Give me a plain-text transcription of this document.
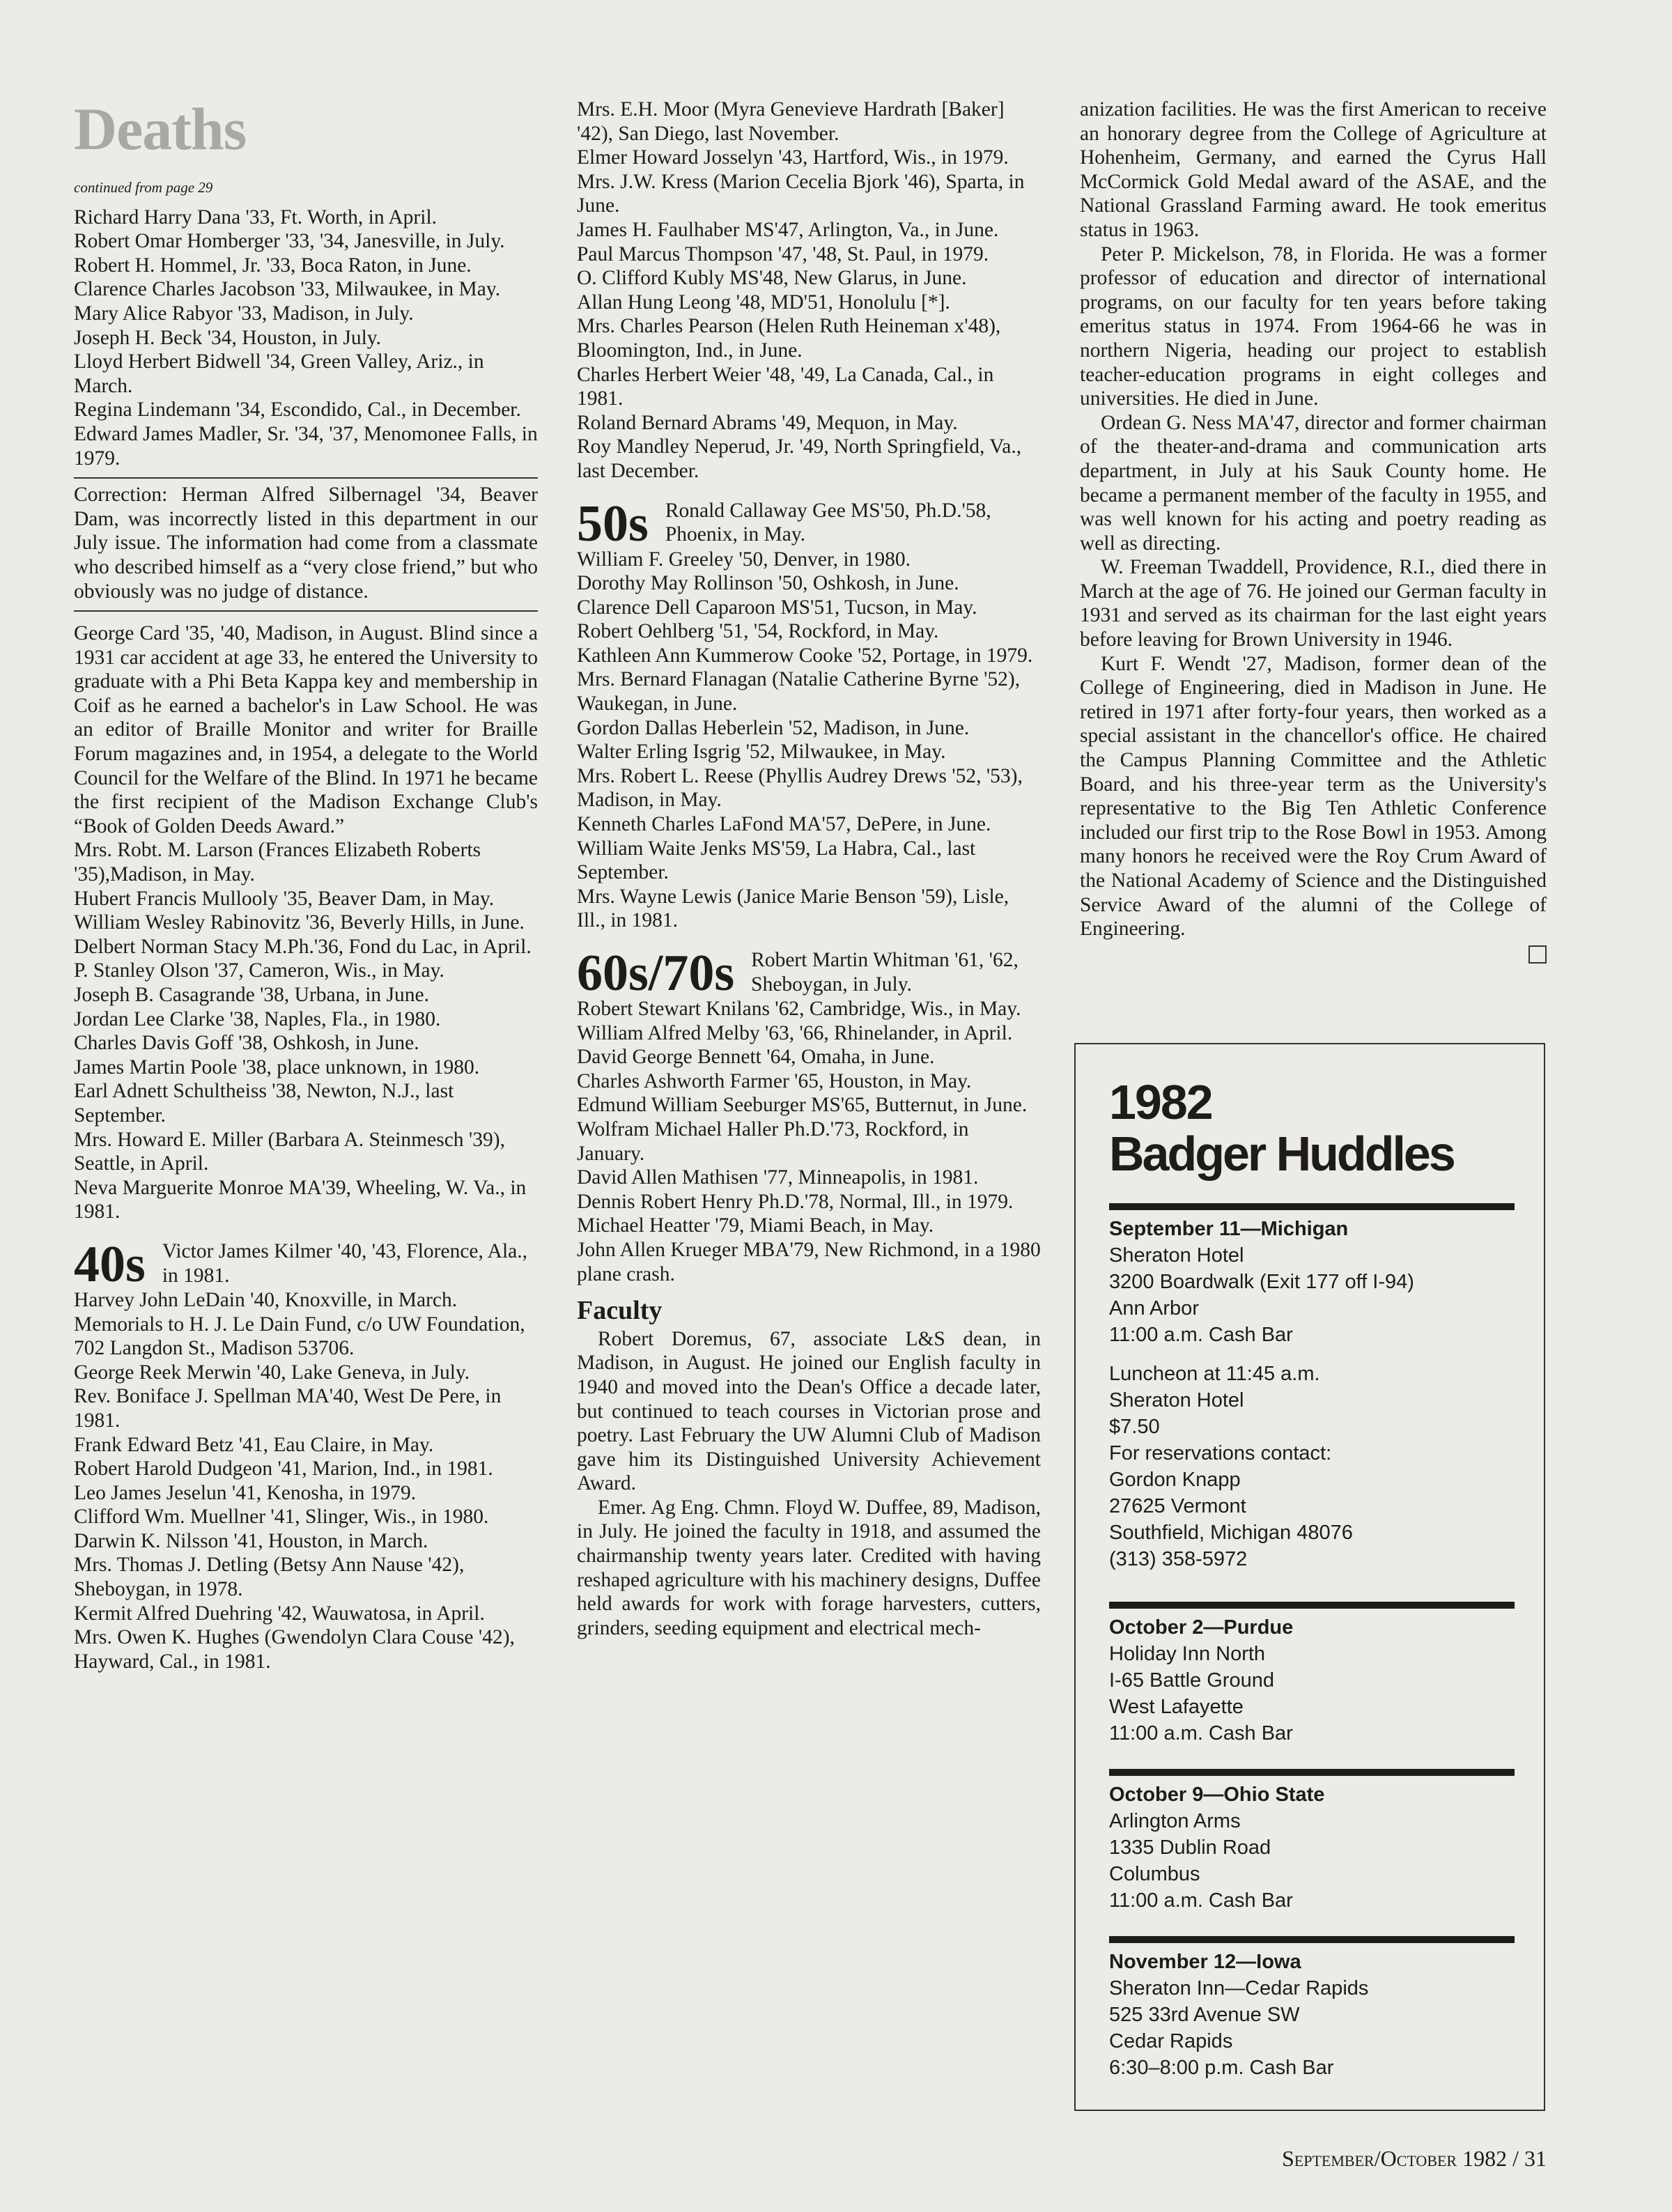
Deaths

continued from page 29

Richard Harry Dana '33, Ft. Worth, in April.

Robert Omar Homberger '33, '34, Janesville, in July.

Robert H. Hommel, Jr. '33, Boca Raton, in June.

Clarence Charles Jacobson '33, Milwaukee, in May.

Mary Alice Rabyor '33, Madison, in July.

Joseph H. Beck '34, Houston, in July.

Lloyd Herbert Bidwell '34, Green Valley, Ariz., in March.

Regina Lindemann '34, Escondido, Cal., in December.

Edward James Madler, Sr. '34, '37, Menomonee Falls, in 1979.

Correction: Herman Alfred Silbernagel '34, Beaver Dam, was incorrectly listed in this department in our July issue. The information had come from a classmate who described himself as a “very close friend,” but who obviously was no judge of distance.

George Card '35, '40, Madison, in August. Blind since a 1931 car accident at age 33, he entered the University to graduate with a Phi Beta Kappa key and membership in Coif as he earned a bachelor's in Law School. He was an editor of Braille Monitor and writer for Braille Forum magazines and, in 1954, a delegate to the World Council for the Welfare of the Blind. In 1971 he became the first recipient of the Madison Exchange Club's “Book of Golden Deeds Award.”

Mrs. Robt. M. Larson (Frances Elizabeth Roberts '35),Madison, in May.

Hubert Francis Mullooly '35, Beaver Dam, in May.

William Wesley Rabinovitz '36, Beverly Hills, in June.

Delbert Norman Stacy M.Ph.'36, Fond du Lac, in April.

P. Stanley Olson '37, Cameron, Wis., in May.

Joseph B. Casagrande '38, Urbana, in June.

Jordan Lee Clarke '38, Naples, Fla., in 1980.

Charles Davis Goff '38, Oshkosh, in June.

James Martin Poole '38, place unknown, in 1980.

Earl Adnett Schultheiss '38, Newton, N.J., last September.

Mrs. Howard E. Miller (Barbara A. Steinmesch '39), Seattle, in April.

Neva Marguerite Monroe MA'39, Wheeling, W. Va., in 1981.

40s Victor James Kilmer '40, '43, Florence, Ala., in 1981.

Harvey John LeDain '40, Knoxville, in March. Memorials to H. J. Le Dain Fund, c/o UW Foundation, 702 Langdon St., Madison 53706.

George Reek Merwin '40, Lake Geneva, in July.

Rev. Boniface J. Spellman MA'40, West De Pere, in 1981.

Frank Edward Betz '41, Eau Claire, in May.

Robert Harold Dudgeon '41, Marion, Ind., in 1981.

Leo James Jeselun '41, Kenosha, in 1979.

Clifford Wm. Muellner '41, Slinger, Wis., in 1980.

Darwin K. Nilsson '41, Houston, in March.

Mrs. Thomas J. Detling (Betsy Ann Nause '42), Sheboygan, in 1978.

Kermit Alfred Duehring '42, Wauwatosa, in April.

Mrs. Owen K. Hughes (Gwendolyn Clara Couse '42), Hayward, Cal., in 1981.

Mrs. E.H. Moor (Myra Genevieve Hardrath [Baker] '42), San Diego, last November.

Elmer Howard Josselyn '43, Hartford, Wis., in 1979.

Mrs. J.W. Kress (Marion Cecelia Bjork '46), Sparta, in June.

James H. Faulhaber MS'47, Arlington, Va., in June.

Paul Marcus Thompson '47, '48, St. Paul, in 1979.

O. Clifford Kubly MS'48, New Glarus, in June.

Allan Hung Leong '48, MD'51, Honolulu [*].

Mrs. Charles Pearson (Helen Ruth Heineman x'48), Bloomington, Ind., in June.

Charles Herbert Weier '48, '49, La Canada, Cal., in 1981.

Roland Bernard Abrams '49, Mequon, in May.

Roy Mandley Neperud, Jr. '49, North Springfield, Va., last December.

50s Ronald Callaway Gee MS'50, Ph.D.'58, Phoenix, in May.

William F. Greeley '50, Denver, in 1980.

Dorothy May Rollinson '50, Oshkosh, in June.

Clarence Dell Caparoon MS'51, Tucson, in May.

Robert Oehlberg '51, '54, Rockford, in May.

Kathleen Ann Kummerow Cooke '52, Portage, in 1979.

Mrs. Bernard Flanagan (Natalie Catherine Byrne '52), Waukegan, in June.

Gordon Dallas Heberlein '52, Madison, in June.

Walter Erling Isgrig '52, Milwaukee, in May.

Mrs. Robert L. Reese (Phyllis Audrey Drews '52, '53), Madison, in May.

Kenneth Charles LaFond MA'57, DePere, in June.

William Waite Jenks MS'59, La Habra, Cal., last September.

Mrs. Wayne Lewis (Janice Marie Benson '59), Lisle, Ill., in 1981.

60s/70s Robert Martin Whitman '61, '62, Sheboygan, in July.

Robert Stewart Knilans '62, Cambridge, Wis., in May.

William Alfred Melby '63, '66, Rhinelander, in April.

David George Bennett '64, Omaha, in June.

Charles Ashworth Farmer '65, Houston, in May.

Edmund William Seeburger MS'65, Butternut, in June.

Wolfram Michael Haller Ph.D.'73, Rockford, in January.

David Allen Mathisen '77, Minneapolis, in 1981.

Dennis Robert Henry Ph.D.'78, Normal, Ill., in 1979.

Michael Heatter '79, Miami Beach, in May.

John Allen Krueger MBA'79, New Richmond, in a 1980 plane crash.

Faculty

Robert Doremus, 67, associate L&S dean, in Madison, in August. He joined our English faculty in 1940 and moved into the Dean's Office a decade later, but continued to teach courses in Victorian prose and poetry. Last February the UW Alumni Club of Madison gave him its Distinguished University Achievement Award.

Emer. Ag Eng. Chmn. Floyd W. Duffee, 89, Madison, in July. He joined the faculty in 1918, and assumed the chairmanship twenty years later. Credited with having reshaped agriculture with his machinery designs, Duffee held awards for work with forage harvesters, cutters, grinders, seeding equipment and electrical mech-

anization facilities. He was the first American to receive an honorary degree from the College of Agriculture at Hohenheim, Germany, and earned the Cyrus Hall McCormick Gold Medal award of the ASAE, and the National Grassland Farming award. He took emeritus status in 1963.

Peter P. Mickelson, 78, in Florida. He was a former professor of education and director of international programs, on our faculty for ten years before taking emeritus status in 1974. From 1964-66 he was in northern Nigeria, heading our project to establish teacher-education programs in eight colleges and universities. He died in June.

Ordean G. Ness MA'47, director and former chairman of the theater-and-drama and communication arts department, in July at his Sauk County home. He became a permanent member of the faculty in 1955, and was well known for his acting and poetry reading as well as directing.

W. Freeman Twaddell, Providence, R.I., died there in March at the age of 76. He joined our German faculty in 1931 and served as its chairman for the last eight years before leaving for Brown University in 1946.

Kurt F. Wendt '27, Madison, former dean of the College of Engineering, died in Madison in June. He retired in 1971 after forty-four years, then worked as a special assistant in the chancellor's office. He chaired the Campus Planning Committee and the Athletic Board, and his three-year term as the University's representative to the Big Ten Athletic Conference included our first trip to the Rose Bowl in 1953. Among many honors he received were the Roy Crum Award of the National Academy of Science and the Distinguished Service Award of the alumni of the College of Engineering.

1982
Badger Huddles
September 11—Michigan
Sheraton Hotel
3200 Boardwalk (Exit 177 off I-94)
Ann Arbor
11:00 a.m. Cash Bar
Luncheon at 11:45 a.m.
Sheraton Hotel
$7.50
For reservations contact:
Gordon Knapp
27625 Vermont
Southfield, Michigan 48076
(313) 358-5972
October 2—Purdue
Holiday Inn North
I-65 Battle Ground
West Lafayette
11:00 a.m. Cash Bar
October 9—Ohio State
Arlington Arms
1335 Dublin Road
Columbus
11:00 a.m. Cash Bar
November 12—Iowa
Sheraton Inn—Cedar Rapids
525 33rd Avenue SW
Cedar Rapids
6:30–8:00 p.m. Cash Bar
September/October 1982 / 31
